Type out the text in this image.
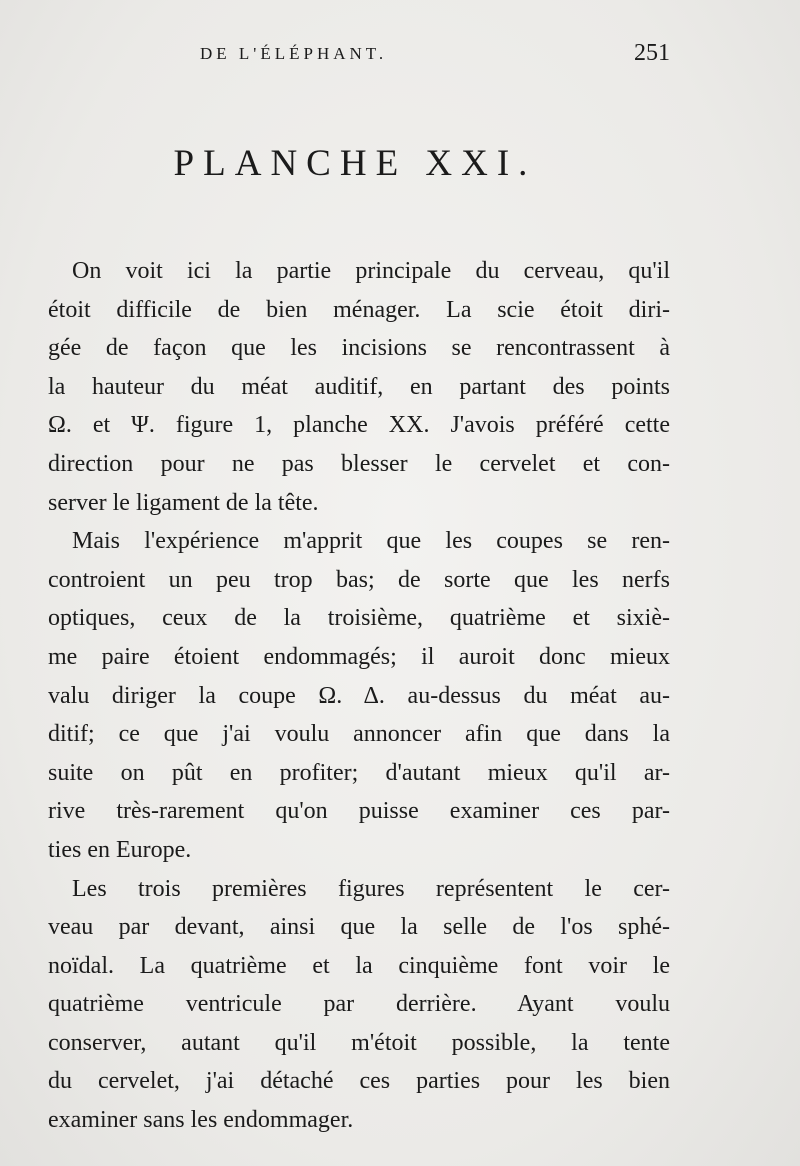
DE L'ÉLÉPHANT.	251
PLANCHE XXI.

On voit ici la partie principale du cerveau, qu'il
étoit difficile de bien ménager. La scie étoit diri-
gée de façon que les incisions se rencontrassent à
la hauteur du méat auditif, en partant des points
Ω. et Ψ. figure 1, planche XX. J'avois préféré cette
direction pour ne pas blesser le cervelet et con-
server le ligament de la tête.

Mais l'expérience m'apprit que les coupes se ren-
controient un peu trop bas; de sorte que les nerfs
optiques, ceux de la troisième, quatrième et sixiè-
me paire étoient endommagés; il auroit donc mieux
valu diriger la coupe Ω. Δ. au-dessus du méat au-
ditif; ce que j'ai voulu annoncer afin que dans la
suite on pût en profiter; d'autant mieux qu'il ar-
rive très-rarement qu'on puisse examiner ces par-
ties en Europe.

Les trois premières figures représentent le cer-
veau par devant, ainsi que la selle de l'os sphé-
noïdal. La quatrième et la cinquième font voir le
quatrième ventricule par derrière. Ayant voulu
conserver, autant qu'il m'étoit possible, la tente
du cervelet, j'ai détaché ces parties pour les bien
examiner sans les endommager.
